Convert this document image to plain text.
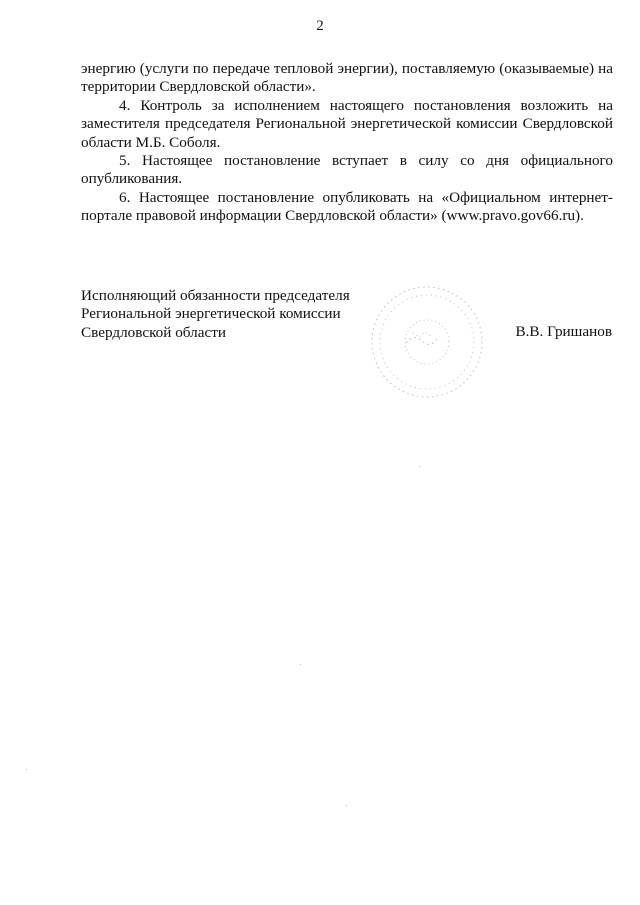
2

энергию (услуги по передаче тепловой энергии), поставляемую (оказываемые) на территории Свердловской области».

4. Контроль за исполнением настоящего постановления возложить на заместителя председателя Региональной энергетической комиссии Свердловской области М.Б. Соболя.

5. Настоящее постановление вступает в силу со дня официального опубликования.

6. Настоящее постановление опубликовать на «Официальном интернет-портале правовой информации Свердловской области» (www.pravo.gov66.ru).

Исполняющий обязанности председателя
Региональной энергетической комиссии
Свердловской области	В.В. Гришанов
